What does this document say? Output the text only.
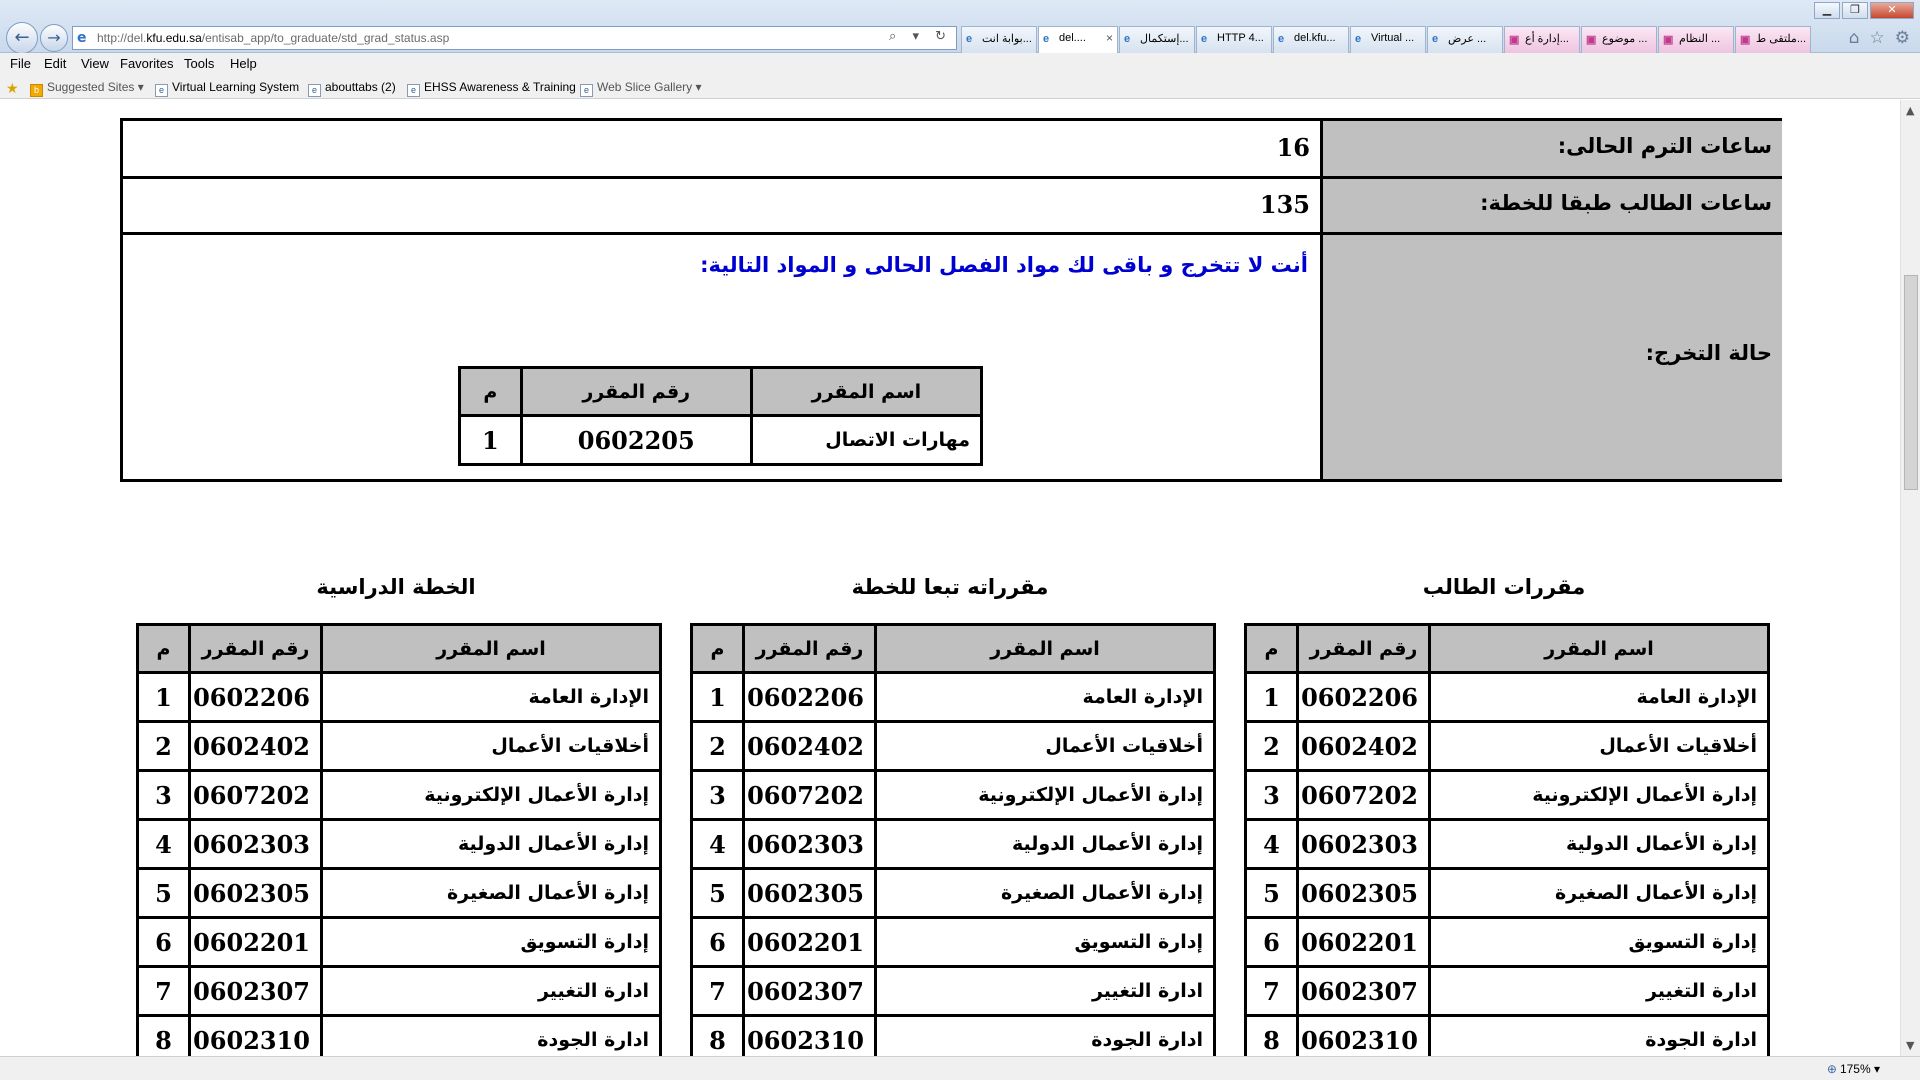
←	→	e http://del.kfu.edu.sa/entisab_app/to_graduate/std_grad_status.asp	⌕ ▾ ↻ e بوابة انت...	e del.... × e إستكمال...	e HTTP 4...	e del.kfu...	e Virtual ...	e عرض ...	▣ إدارة أع...	▣ موضوع ...	▣ النظام ...	▣ ملتقى ط...
▁	❐	✕
⌂ ☆ ⚙
File Edit View Favorites Tools Help
★	b Suggested Sites ▾	e Virtual Learning System	e abouttabs (2)	e EHSS Awareness & Training e Web Slice Gallery ▾
ساعات الترم الحالى:
16
ساعات الطالب طبقا للخطة:
135
حالة التخرج:
أنت لا تتخرج و باقى لك مواد الفصل الحالى و المواد التالية:
اسم المقرر	رقم المقرر	م
مهارات الاتصال	0602205	1
مقررات الطالب
مقرراته تبعا للخطة
الخطة الدراسية
اسم المقرر	رقم المقرر	م
الإدارة العامة	0602206	1
أخلاقيات الأعمال	0602402	2
إدارة الأعمال الإلكترونية	0607202	3
إدارة الأعمال الدولية	0602303	4
إدارة الأعمال الصغيرة	0602305	5
إدارة التسويق	0602201	6
ادارة التغيير	0602307	7
ادارة الجودة	0602310	8
اسم المقرر	رقم المقرر	م
الإدارة العامة	0602206	1
أخلاقيات الأعمال	0602402	2
إدارة الأعمال الإلكترونية	0607202	3
إدارة الأعمال الدولية	0602303	4
إدارة الأعمال الصغيرة	0602305	5
إدارة التسويق	0602201	6
ادارة التغيير	0602307	7
ادارة الجودة	0602310	8
اسم المقرر	رقم المقرر	م
الإدارة العامة	0602206	1
أخلاقيات الأعمال	0602402	2
إدارة الأعمال الإلكترونية	0607202	3
إدارة الأعمال الدولية	0602303	4
إدارة الأعمال الصغيرة	0602305	5
إدارة التسويق	0602201	6
ادارة التغيير	0602307	7
ادارة الجودة	0602310	8
▲
▼
⊕ 175% ▾
